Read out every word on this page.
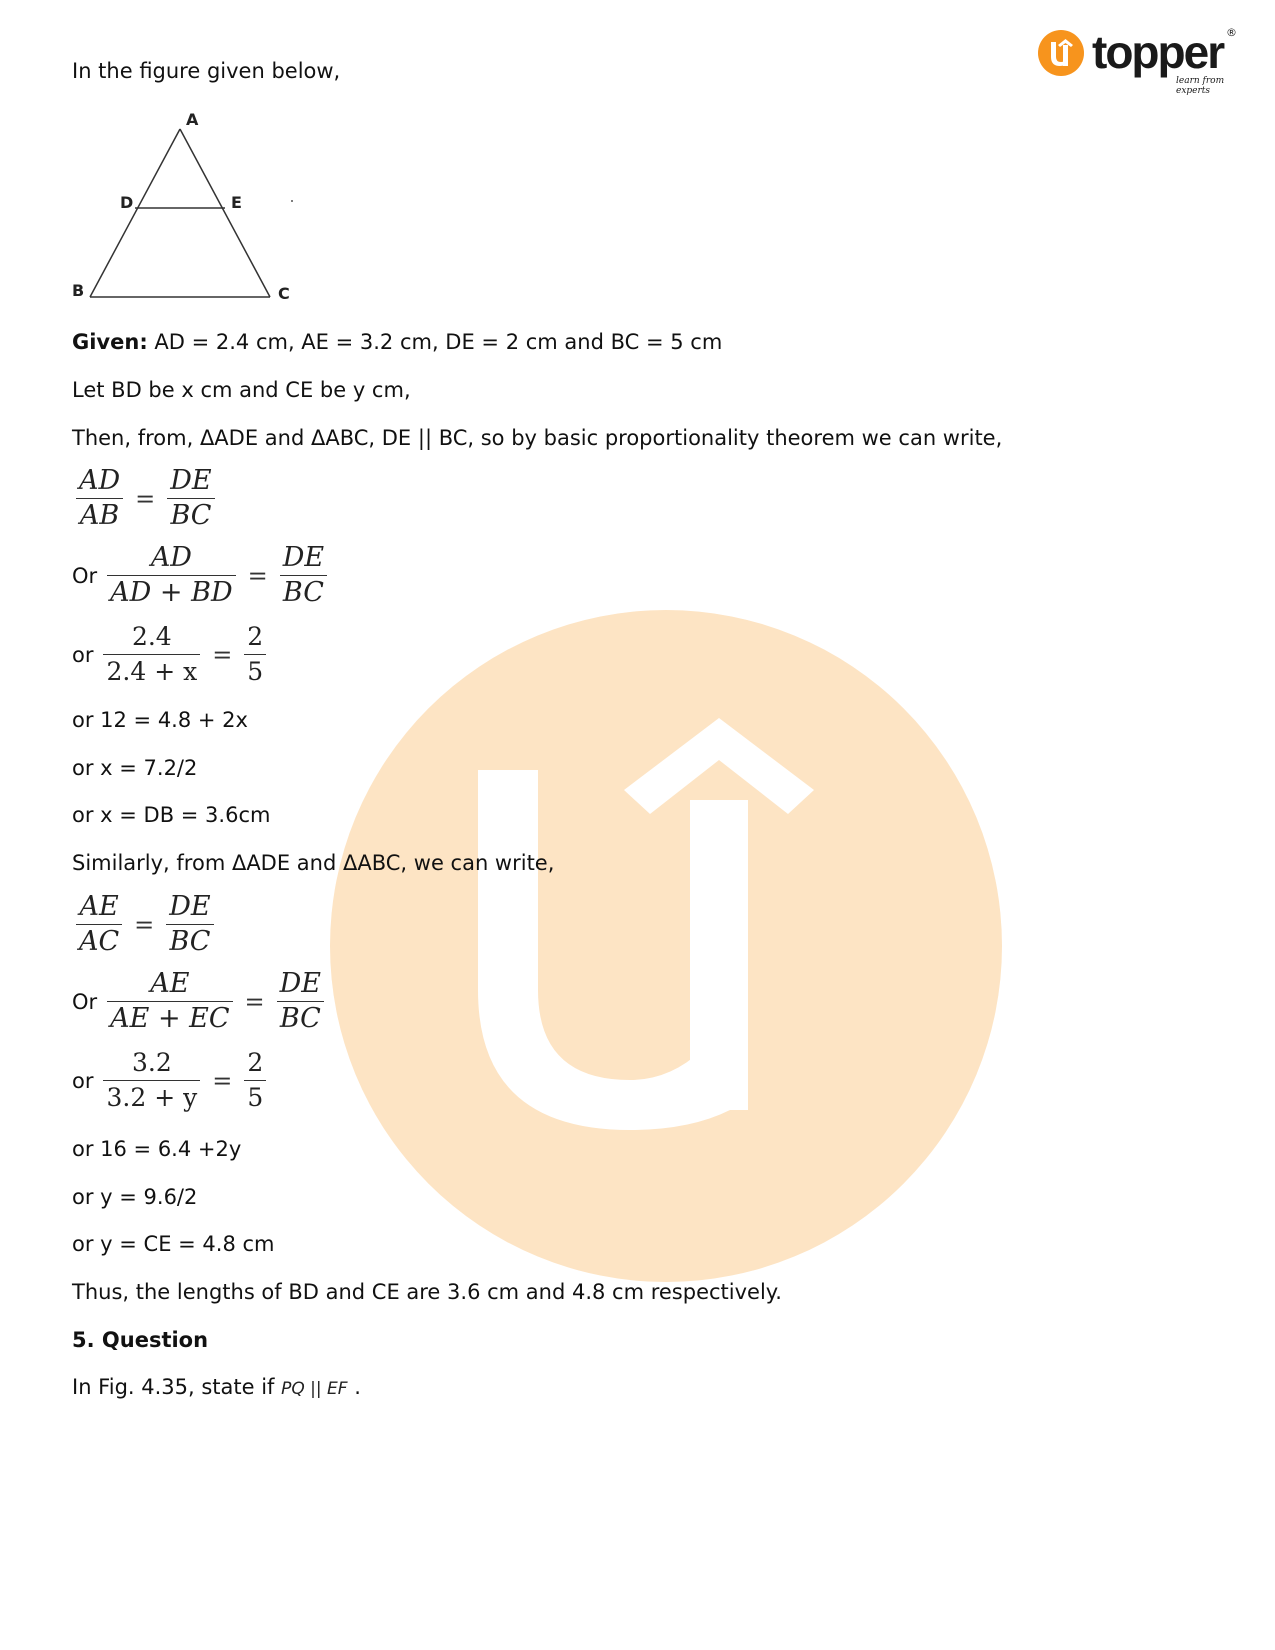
topper ®
learn from experts
In the figure given below,
A
D	E
B	C
Given: AD = 2.4 cm, AE = 3.2 cm, DE = 2 cm and BC = 5 cm
Let BD be x cm and CE be y cm,
Then, from, ΔADE and ΔABC, DE || BC, so by basic proportionality theorem we can write,
$\frac{AD}{AB} = \frac{DE}{BC}$
Or $\frac{AD}{AD + BD} = \frac{DE}{BC}$
or $\frac{2.4}{2.4 + x} = \frac{2}{5}$
or 12 = 4.8 + 2x
or x = 7.2/2
or x = DB = 3.6cm
Similarly, from ΔADE and ΔABC, we can write,
$\frac{AE}{AC} = \frac{DE}{BC}$
Or $\frac{AE}{AE + EC} = \frac{DE}{BC}$
or $\frac{3.2}{3.2 + y} = \frac{2}{5}$
or 16 = 6.4 +2y
or y = 9.6/2
or y = CE = 4.8 cm
Thus, the lengths of BD and CE are 3.6 cm and 4.8 cm respectively.
5. Question
In Fig. 4.35, state if PQ || EF .
